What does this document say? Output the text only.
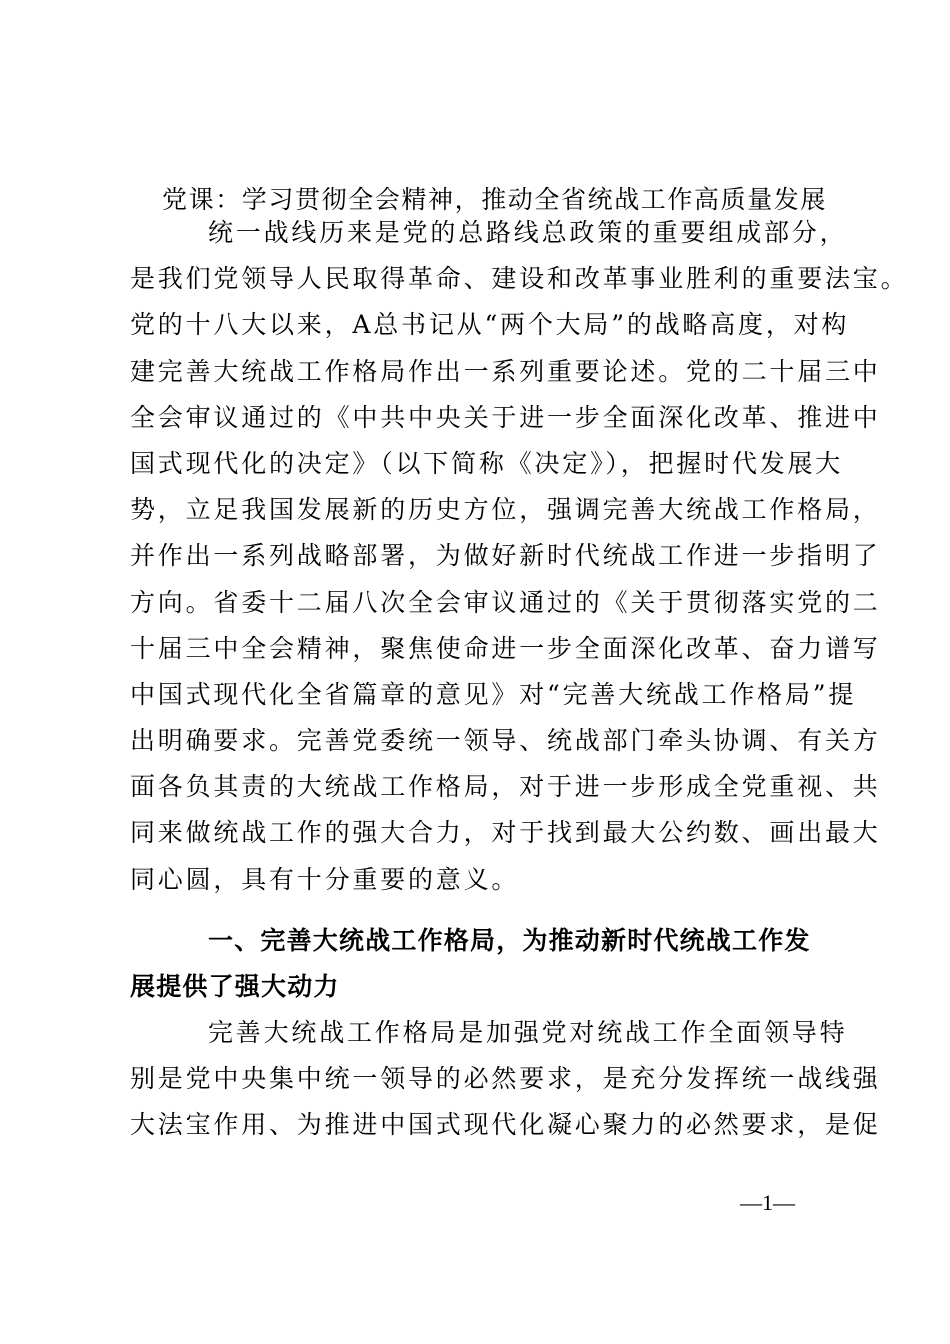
党课：学习贯彻全会精神，推动全省统战工作高质量发展
统一战线历来是党的总路线总政策的重要组成部分，
是我们党领导人民取得革命、建设和改革事业胜利的重要法宝。
党的十八大以来，A总书记从“两个大局”的战略高度，对构
建完善大统战工作格局作出一系列重要论述。党的二十届三中
全会审议通过的《中共中央关于进一步全面深化改革、推进中
国式现代化的决定》（以下简称《决定》），把握时代发展大
势，立足我国发展新的历史方位，强调完善大统战工作格局，
并作出一系列战略部署，为做好新时代统战工作进一步指明了
方向。省委十二届八次全会审议通过的《关于贯彻落实党的二
十届三中全会精神，聚焦使命进一步全面深化改革、奋力谱写
中国式现代化全省篇章的意见》对“完善大统战工作格局”提
出明确要求。完善党委统一领导、统战部门牵头协调、有关方
面各负其责的大统战工作格局，对于进一步形成全党重视、共
同来做统战工作的强大合力，对于找到最大公约数、画出最大
同心圆，具有十分重要的意义。
一、完善大统战工作格局，为推动新时代统战工作发
展提供了强大动力
完善大统战工作格局是加强党对统战工作全面领导特
别是党中央集中统一领导的必然要求，是充分发挥统一战线强
大法宝作用、为推进中国式现代化凝心聚力的必然要求，是促
—1—
